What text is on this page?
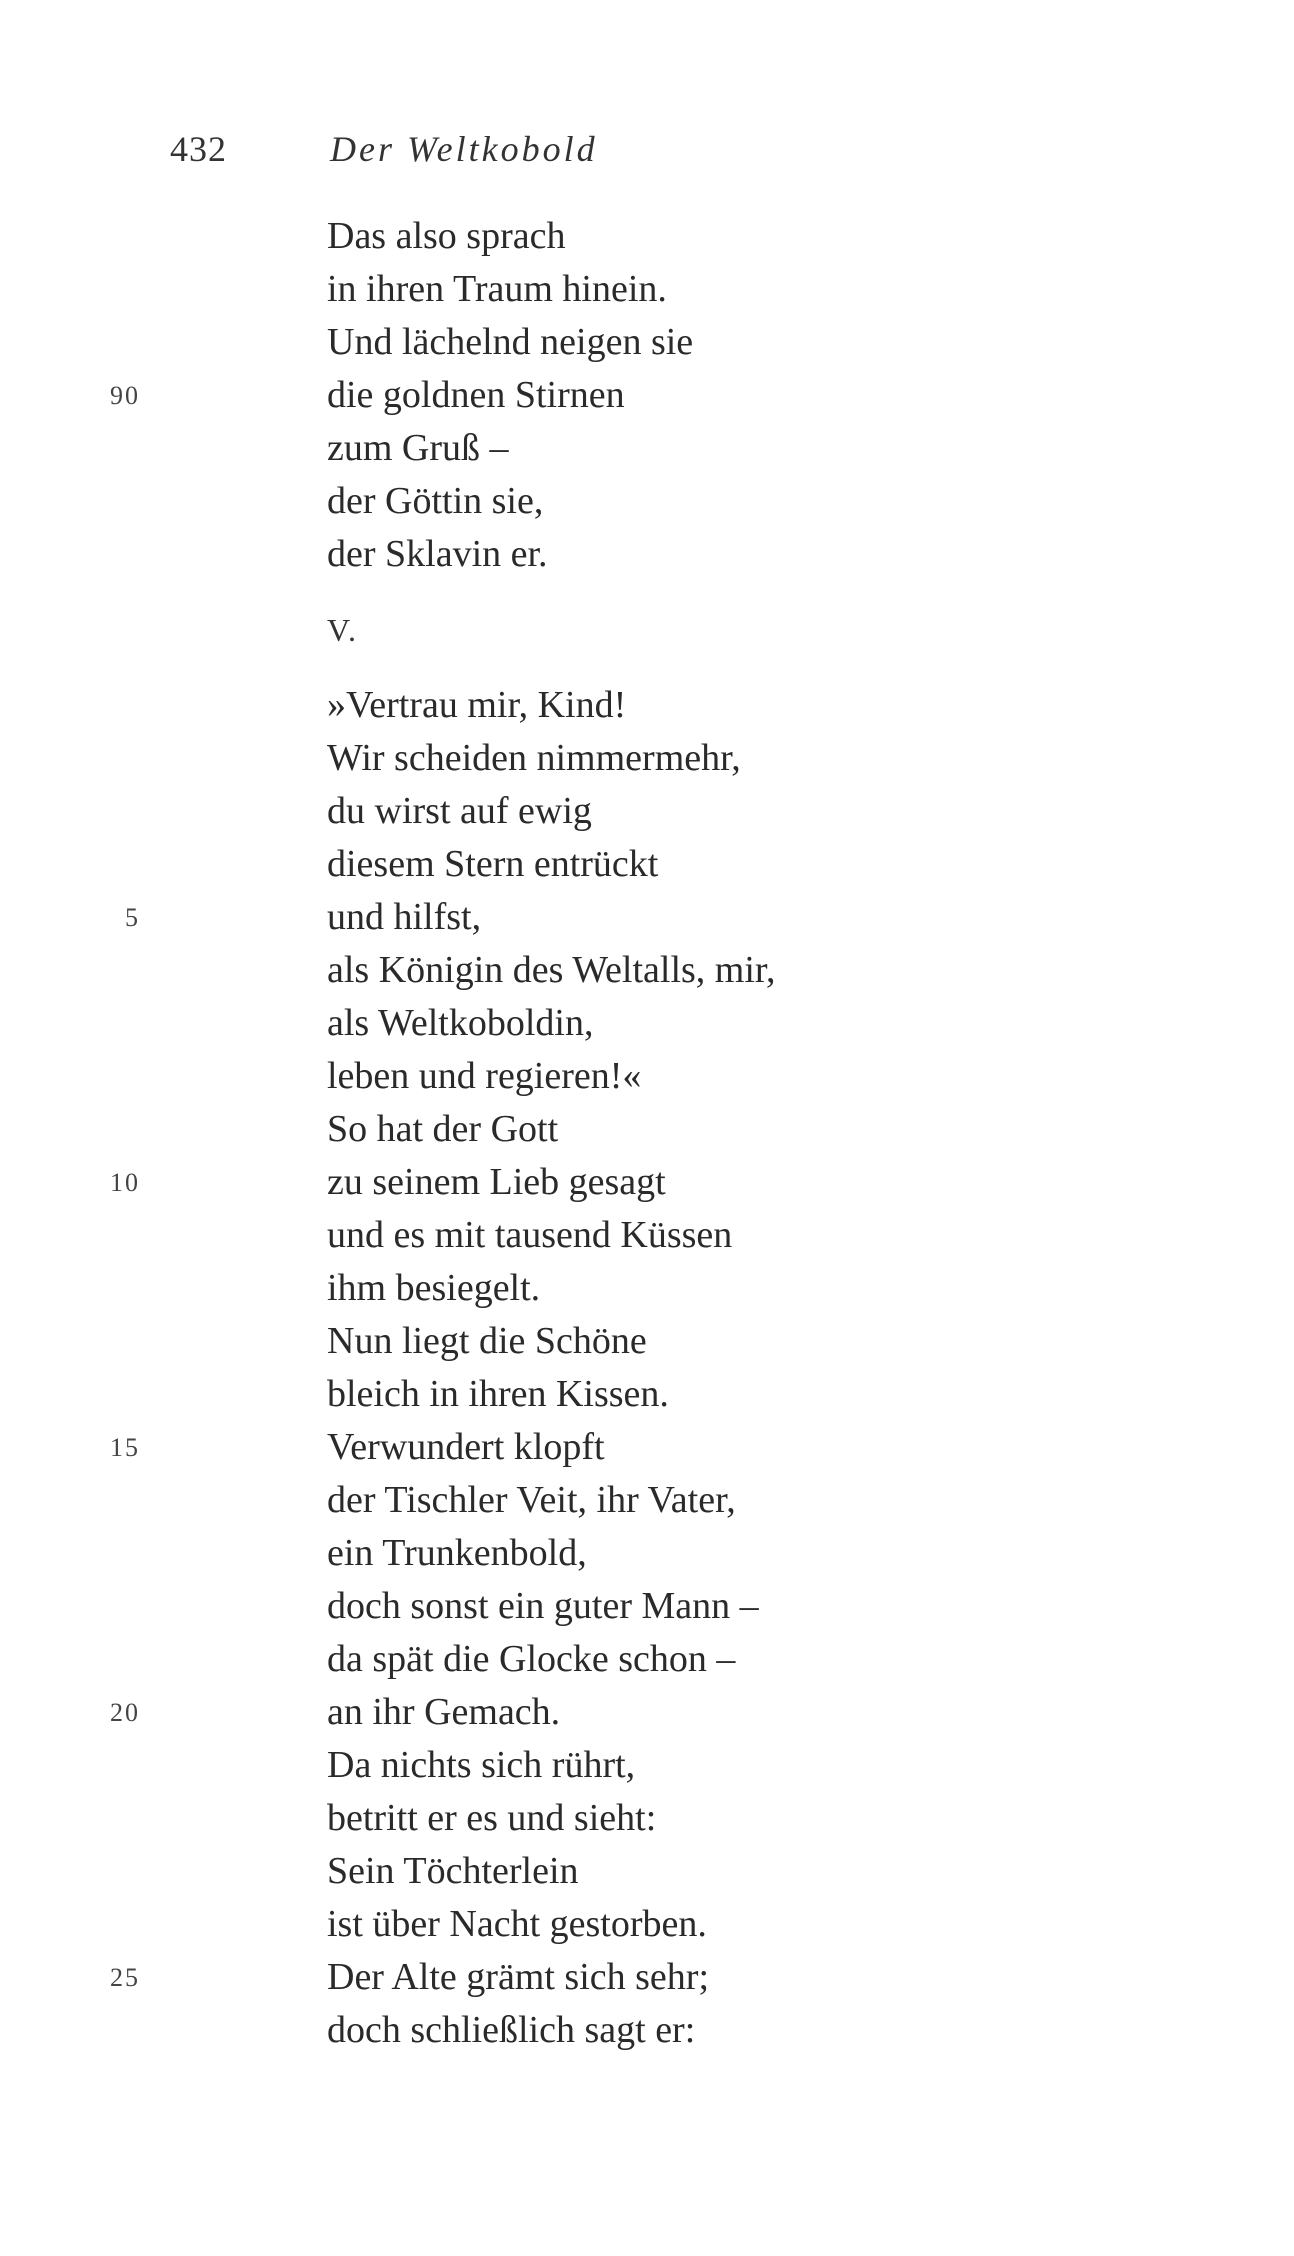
432	Der Weltkobold
Das also sprach
in ihren Traum hinein.
Und lächelnd neigen sie
90	die goldnen Stirnen
zum Gruß –
der Göttin sie,
der Sklavin er.
V.
»Vertrau mir, Kind!
Wir scheiden nimmermehr,
du wirst auf ewig
diesem Stern entrückt
5	und hilfst,
als Königin des Weltalls, mir,
als Weltkoboldin,
leben und regieren!«
So hat der Gott
10	zu seinem Lieb gesagt
und es mit tausend Küssen
ihm besiegelt.
Nun liegt die Schöne
bleich in ihren Kissen.
15	Verwundert klopft
der Tischler Veit, ihr Vater,
ein Trunkenbold,
doch sonst ein guter Mann –
da spät die Glocke schon –
20	an ihr Gemach.
Da nichts sich rührt,
betritt er es und sieht:
Sein Töchterlein
ist über Nacht gestorben.
25	Der Alte grämt sich sehr;
doch schließlich sagt er:
